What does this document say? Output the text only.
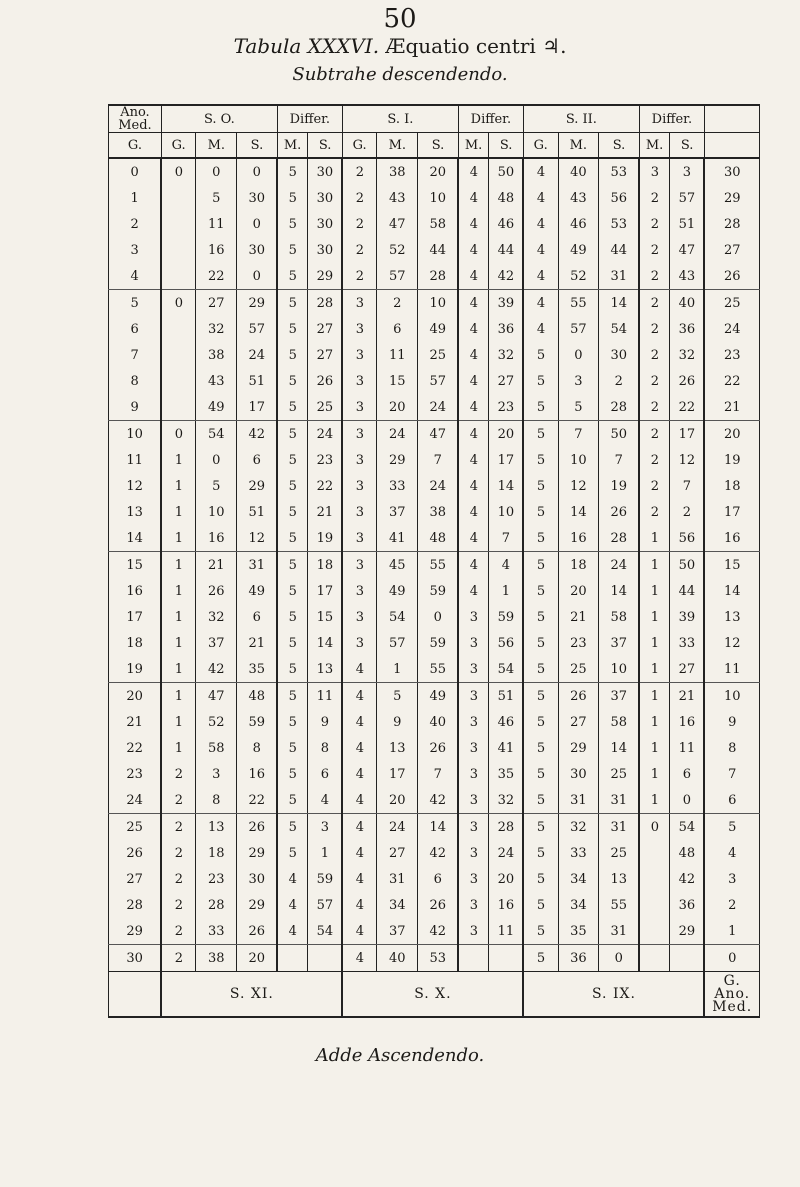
50
Tabula XXXVI. Æquatio centri ♃.
Subtrahe descendendo.
Ano. Med.	S. O.			Differ.		S. I.			Differ.		S. II.			Differ.		
G.	G.	M.	S.	M.	S.	G.	M.	S.	M.	S.	G.	M.	S.	M.	S.	
0	0	0	0	5	30	2	38	20	4	50	4	40	53	3	3	30
1		5	30	5	30	2	43	10	4	48	4	43	56	2	57	29
2		11	0	5	30	2	47	58	4	46	4	46	53	2	51	28
3		16	30	5	30	2	52	44	4	44	4	49	44	2	47	27
4		22	0	5	29	2	57	28	4	42	4	52	31	2	43	26
5	0	27	29	5	28	3	2	10	4	39	4	55	14	2	40	25
6		32	57	5	27	3	6	49	4	36	4	57	54	2	36	24
7		38	24	5	27	3	11	25	4	32	5	0	30	2	32	23
8		43	51	5	26	3	15	57	4	27	5	3	2	2	26	22
9		49	17	5	25	3	20	24	4	23	5	5	28	2	22	21
10	0	54	42	5	24	3	24	47	4	20	5	7	50	2	17	20
11	1	0	6	5	23	3	29	7	4	17	5	10	7	2	12	19
12	1	5	29	5	22	3	33	24	4	14	5	12	19	2	7	18
13	1	10	51	5	21	3	37	38	4	10	5	14	26	2	2	17
14	1	16	12	5	19	3	41	48	4	7	5	16	28	1	56	16
15	1	21	31	5	18	3	45	55	4	4	5	18	24	1	50	15
16	1	26	49	5	17	3	49	59	4	1	5	20	14	1	44	14
17	1	32	6	5	15	3	54	0	3	59	5	21	58	1	39	13
18	1	37	21	5	14	3	57	59	3	56	5	23	37	1	33	12
19	1	42	35	5	13	4	1	55	3	54	5	25	10	1	27	11
20	1	47	48	5	11	4	5	49	3	51	5	26	37	1	21	10
21	1	52	59	5	9	4	9	40	3	46	5	27	58	1	16	9
22	1	58	8	5	8	4	13	26	3	41	5	29	14	1	11	8
23	2	3	16	5	6	4	17	7	3	35	5	30	25	1	6	7
24	2	8	22	5	4	4	20	42	3	32	5	31	31	1	0	6
25	2	13	26	5	3	4	24	14	3	28	5	32	31	0	54	5
26	2	18	29	5	1	4	27	42	3	24	5	33	25		48	4
27	2	23	30	4	59	4	31	6	3	20	5	34	13		42	3
28	2	28	29	4	57	4	34	26	3	16	5	34	55		36	2
29	2	33	26	4	54	4	37	42	3	11	5	35	31		29	1
30	2	38	20			4	40	53			5	36	0			0
	S. XI.					S. X.					S. IX.					G. Ano. Med.
Adde Ascendendo.
